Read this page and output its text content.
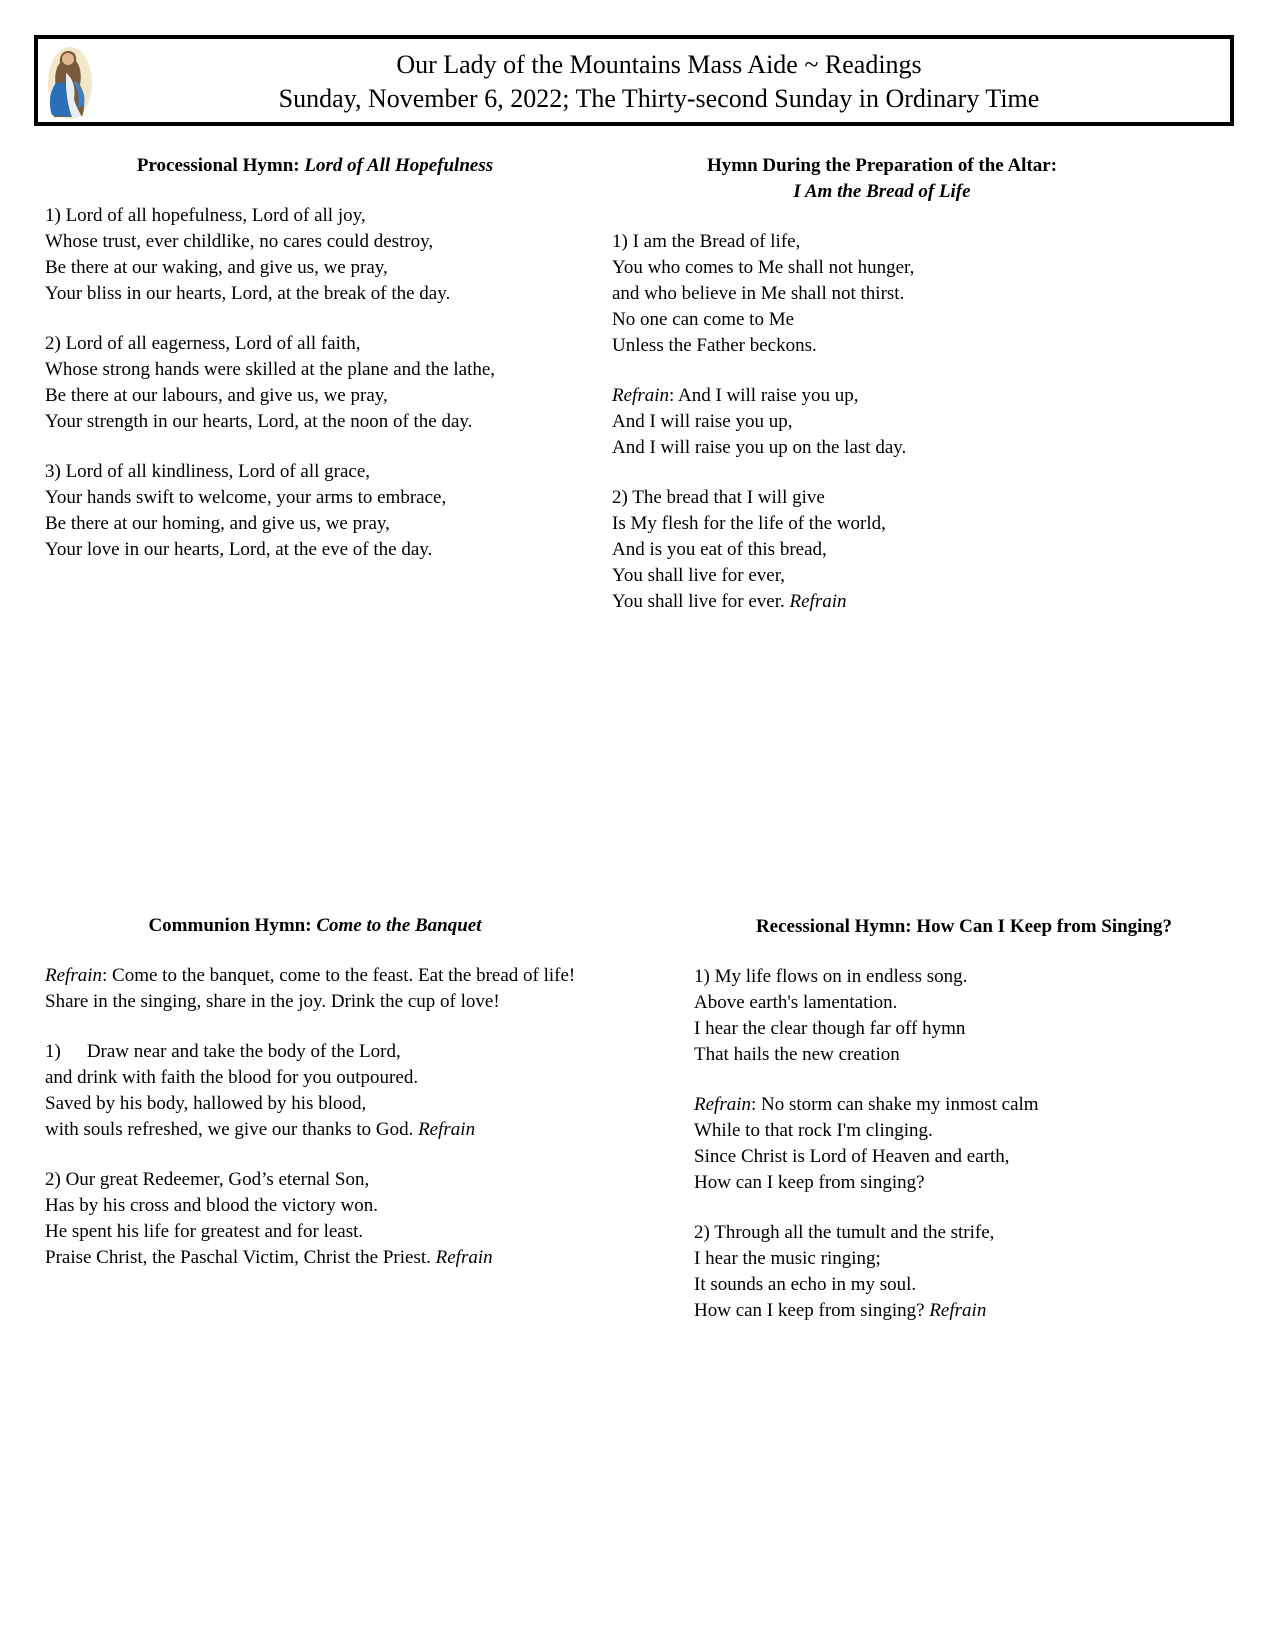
Our Lady of the Mountains Mass Aide ~ Readings
Sunday, November 6, 2022; The Thirty-second Sunday in Ordinary Time
Processional Hymn: Lord of All Hopefulness
1) Lord of all hopefulness, Lord of all joy,
Whose trust, ever childlike, no cares could destroy,
Be there at our waking, and give us, we pray,
Your bliss in our hearts, Lord, at the break of the day.
2) Lord of all eagerness, Lord of all faith,
Whose strong hands were skilled at the plane and the lathe,
Be there at our labours, and give us, we pray,
Your strength in our hearts, Lord, at the noon of the day.
3) Lord of all kindliness, Lord of all grace,
Your hands swift to welcome, your arms to embrace,
Be there at our homing, and give us, we pray,
Your love in our hearts, Lord, at the eve of the day.
Hymn During the Preparation of the Altar:
I Am the Bread of Life
1) I am the Bread of life,
You who comes to Me shall not hunger,
and who believe in Me shall not thirst.
No one can come to Me
Unless the Father beckons.
Refrain: And I will raise you up,
And I will raise you up,
And I will raise you up on the last day.
2) The bread that I will give
Is My flesh for the life of the world,
And is you eat of this bread,
You shall live for ever,
You shall live for ever. Refrain
Communion Hymn: Come to the Banquet
Refrain: Come to the banquet, come to the feast. Eat the bread of life!
Share in the singing, share in the joy. Drink the cup of love!
1) Draw near and take the body of the Lord,
and drink with faith the blood for you outpoured.
Saved by his body, hallowed by his blood,
with souls refreshed, we give our thanks to God. Refrain
2) Our great Redeemer, God’s eternal Son,
Has by his cross and blood the victory won.
He spent his life for greatest and for least.
Praise Christ, the Paschal Victim, Christ the Priest. Refrain
Recessional Hymn: How Can I Keep from Singing?
1) My life flows on in endless song.
Above earth's lamentation.
I hear the clear though far off hymn
That hails the new creation
Refrain: No storm can shake my inmost calm
While to that rock I'm clinging.
Since Christ is Lord of Heaven and earth,
How can I keep from singing?
2) Through all the tumult and the strife,
I hear the music ringing;
It sounds an echo in my soul.
How can I keep from singing? Refrain
